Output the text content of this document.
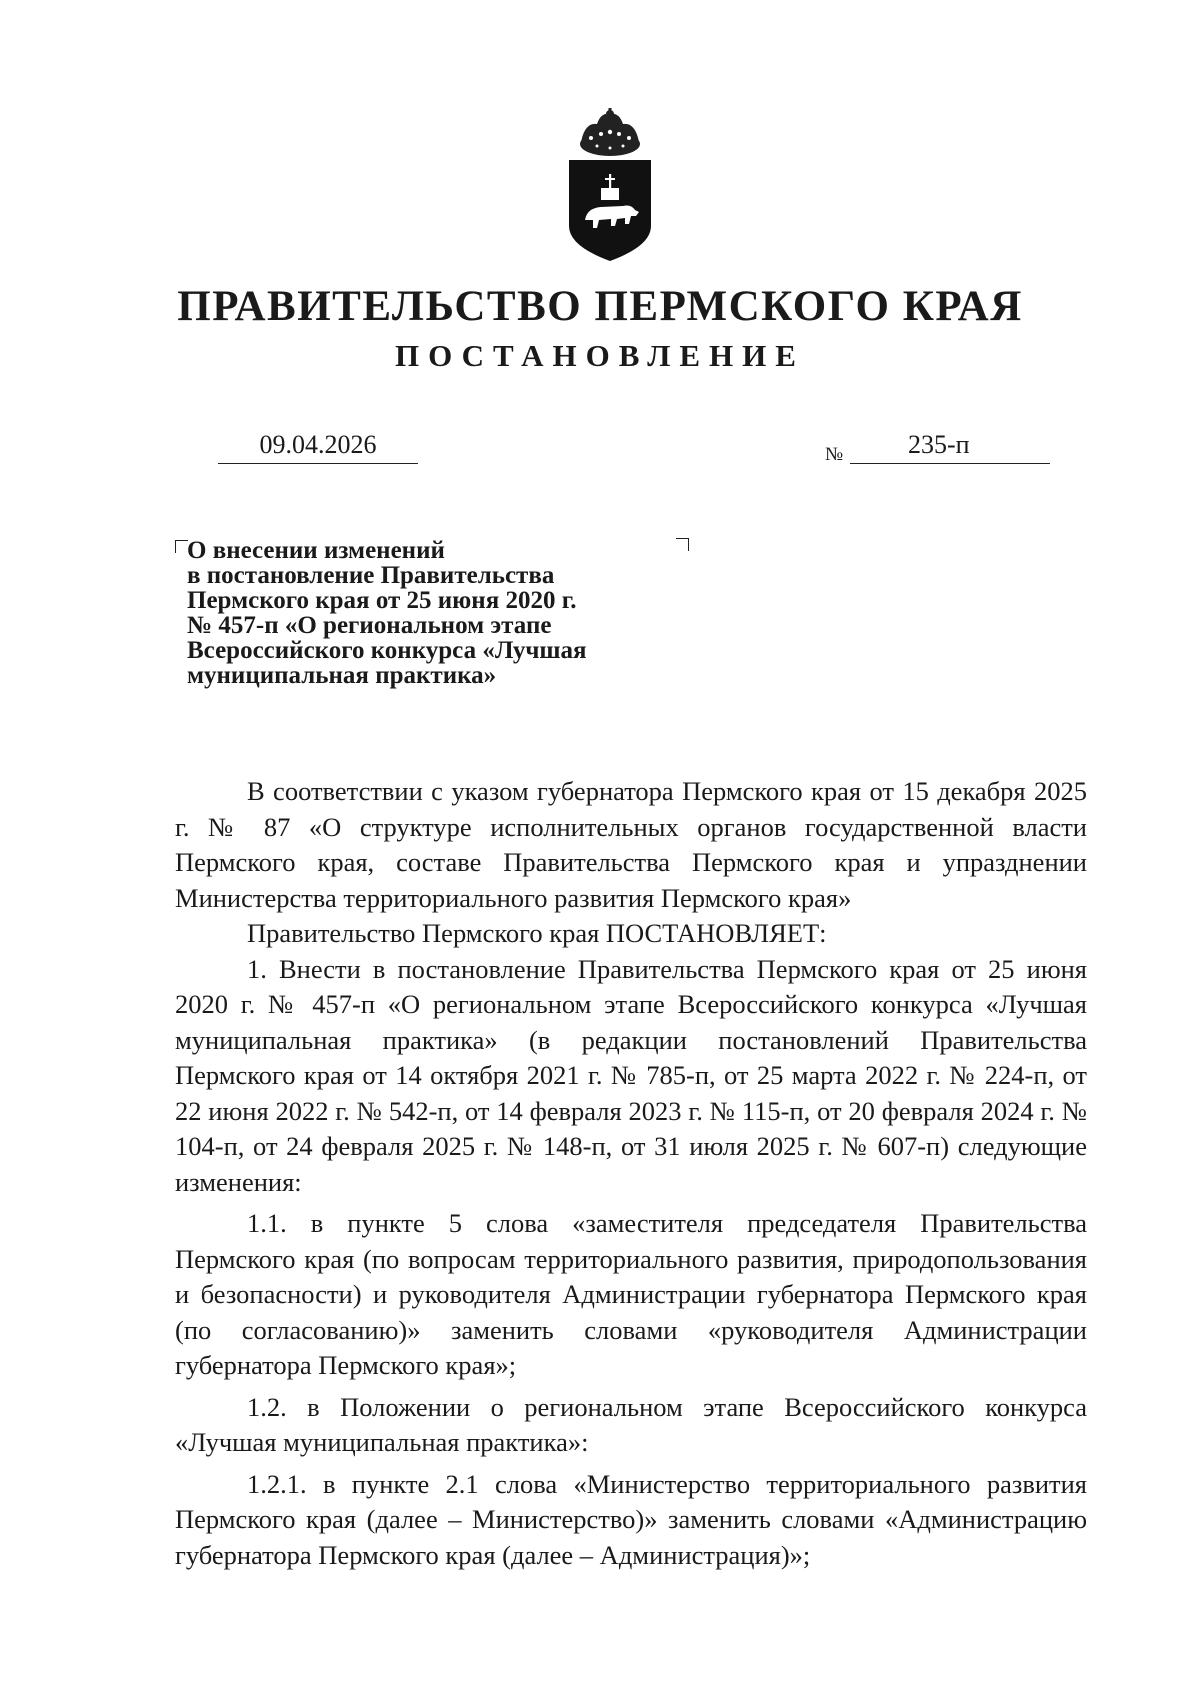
ПРАВИТЕЛЬСТВО ПЕРМСКОГО КРАЯ
ПОСТАНОВЛЕНИЕ
09.04.2026	№ 235-п
О внесении изменений
в постановление Правительства
Пермского края от 25 июня 2020 г.
№ 457-п «О региональном этапе
Всероссийского конкурса «Лучшая
муниципальная практика»

В соответствии с указом губернатора Пермского края от 15 декабря 2025 г. № 87 «О структуре исполнительных органов государственной власти Пермского края, составе Правительства Пермского края и упразднении Министерства территориального развития Пермского края»

Правительство Пермского края ПОСТАНОВЛЯЕТ:

1. Внести в постановление Правительства Пермского края от 25 июня 2020 г. № 457-п «О региональном этапе Всероссийского конкурса «Лучшая муниципальная практика» (в редакции постановлений Правительства Пермского края от 14 октября 2021 г. № 785-п, от 25 марта 2022 г. № 224-п, от 22 июня 2022 г. № 542-п, от 14 февраля 2023 г. № 115-п, от 20 февраля 2024 г. № 104-п, от 24 февраля 2025 г. № 148-п, от 31 июля 2025 г. № 607-п) следующие изменения:

1.1. в пункте 5 слова «заместителя председателя Правительства Пермского края (по вопросам территориального развития, природопользования и безопасности) и руководителя Администрации губернатора Пермского края (по согласованию)» заменить словами «руководителя Администрации губернатора Пермского края»;

1.2. в Положении о региональном этапе Всероссийского конкурса «Лучшая муниципальная практика»:

1.2.1. в пункте 2.1 слова «Министерство территориального развития Пермского края (далее – Министерство)» заменить словами «Администрацию губернатора Пермского края (далее – Администрация)»;
